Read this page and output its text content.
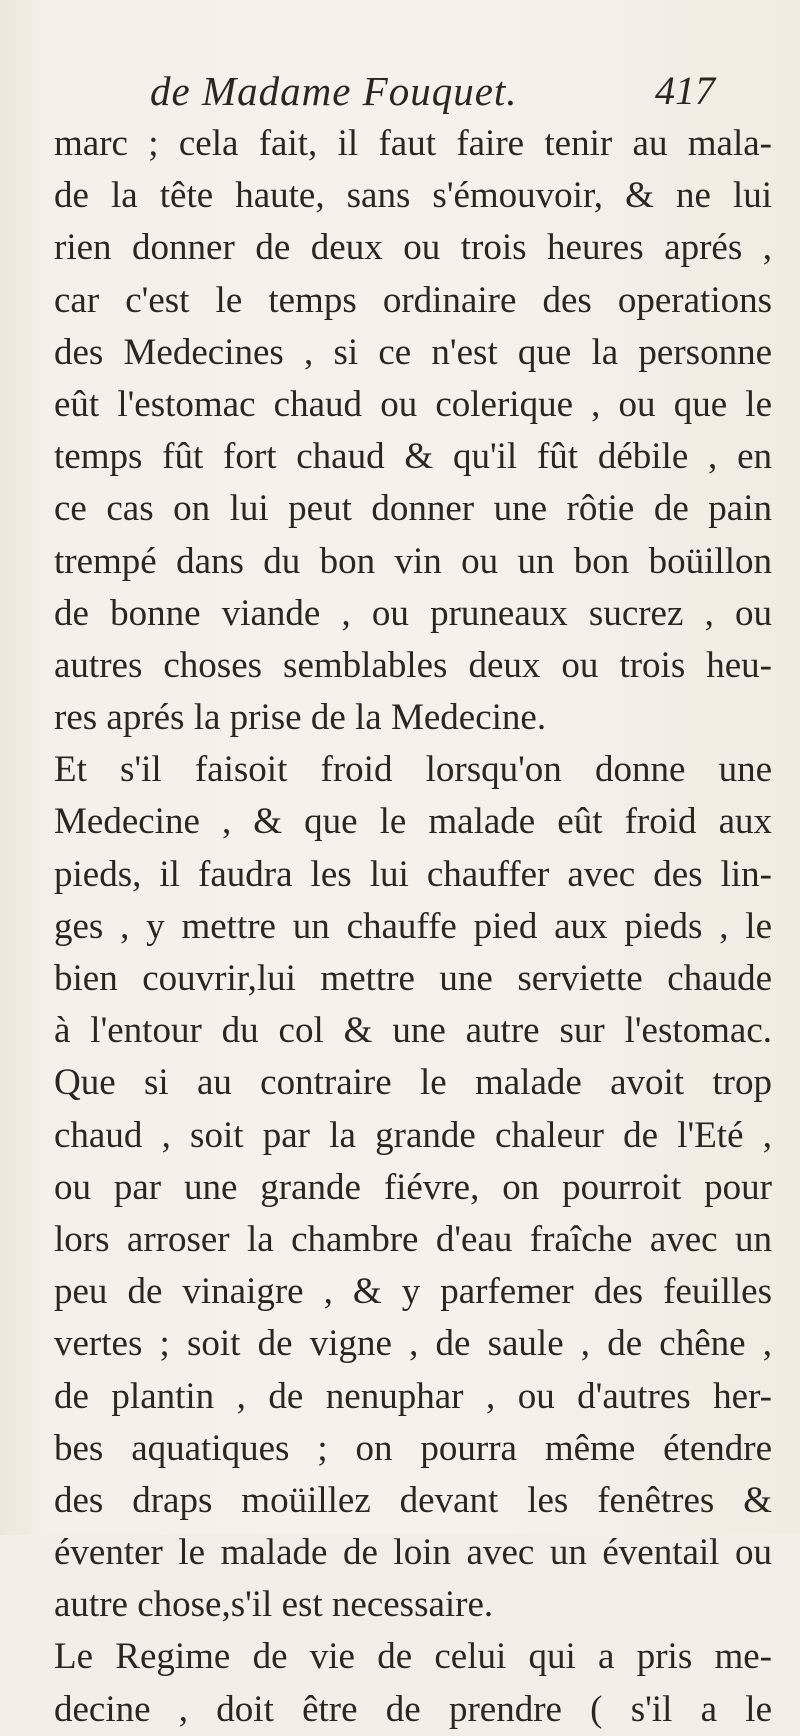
de Madame Fouquet.	417
marc ; cela fait, il faut faire tenir au mala-
de la tête haute, sans s'émouvoir, & ne lui
rien donner de deux ou trois heures aprés ,
car c'est le temps ordinaire des operations
des Medecines , si ce n'est que la personne
eût l'estomac chaud ou colerique , ou que le
temps fût fort chaud & qu'il fût débile , en
ce cas on lui peut donner une rôtie de pain
trempé dans du bon vin ou un bon boüillon
de bonne viande , ou pruneaux sucrez , ou
autres choses semblables deux ou trois heu-
res aprés la prise de la Medecine.
Et s'il faisoit froid lorsqu'on donne une
Medecine , & que le malade eût froid aux
pieds, il faudra les lui chauffer avec des lin-
ges , y mettre un chauffe pied aux pieds , le
bien couvrir,lui mettre une serviette chaude
à l'entour du col & une autre sur l'estomac.
Que si au contraire le malade avoit trop
chaud , soit par la grande chaleur de l'Eté ,
ou par une grande fiévre, on pourroit pour
lors arroser la chambre d'eau fraîche avec un
peu de vinaigre , & y parfemer des feuilles
vertes ; soit de vigne , de saule , de chêne ,
de plantin , de nenuphar , ou d'autres her-
bes aquatiques ; on pourra même étendre
des draps moüillez devant les fenêtres &
éventer le malade de loin avec un éventail ou
autre chose,s'il est necessaire.
Le Regime de vie de celui qui a pris me-
decine , doit être de prendre ( s'il a le
